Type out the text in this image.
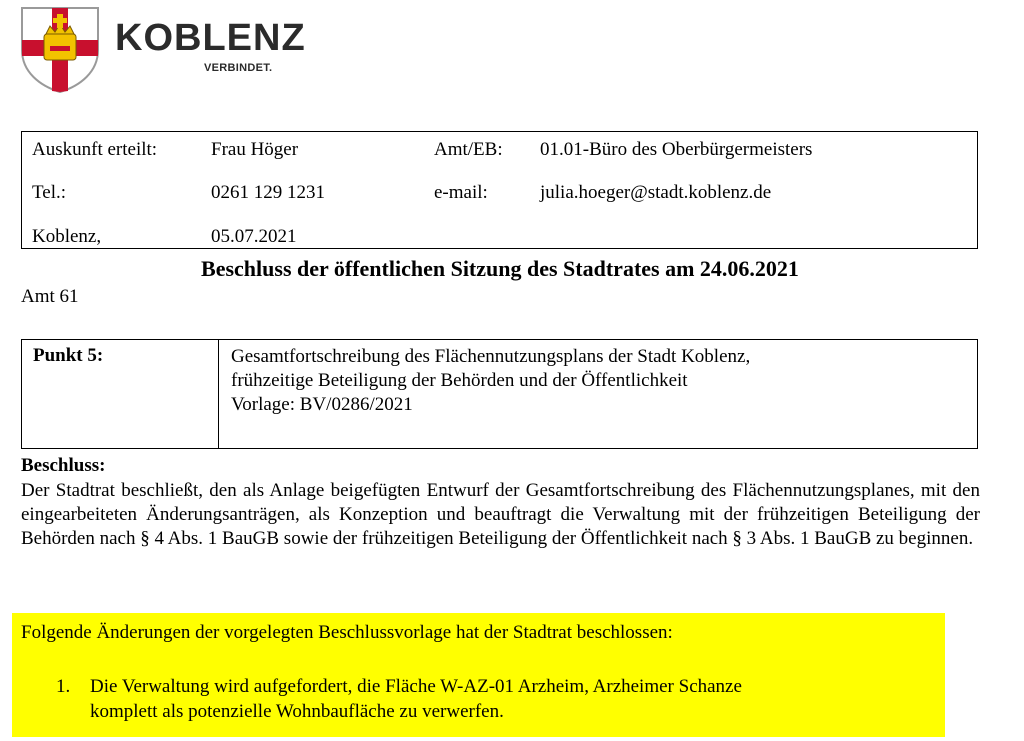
KOBLENZ
VERBINDET.
Auskunft erteilt:	Frau Höger	Amt/EB: 01.01-Büro des Oberbürgermeisters
Tel.:	0261 129 1231	e-mail:	julia.hoeger@stadt.koblenz.de
Koblenz,	05.07.2021
Beschluss der öffentlichen Sitzung des Stadtrates am 24.06.2021
Amt 61
Punkt 5:	Gesamtfortschreibung des Flächennutzungsplans der Stadt Koblenz,
frühzeitige Beteiligung der Behörden und der Öffentlichkeit
Vorlage: BV/0286/2021
Beschluss:
Der Stadtrat beschließt, den als Anlage beigefügten Entwurf der Gesamtfortschreibung des Flächennutzungsplanes, mit den eingearbeiteten Änderungsanträgen, als Konzeption und beauftragt die Verwaltung mit der frühzeitigen Beteiligung der Behörden nach § 4 Abs. 1 BauGB sowie der frühzeitigen Beteiligung der Öffentlichkeit nach § 3 Abs. 1 BauGB zu beginnen.
Folgende Änderungen der vorgelegten Beschlussvorlage hat der Stadtrat beschlossen:
1. Die Verwaltung wird aufgefordert, die Fläche W-AZ-01 Arzheim, Arzheimer Schanze
komplett als potenzielle Wohnbaufläche zu verwerfen.
